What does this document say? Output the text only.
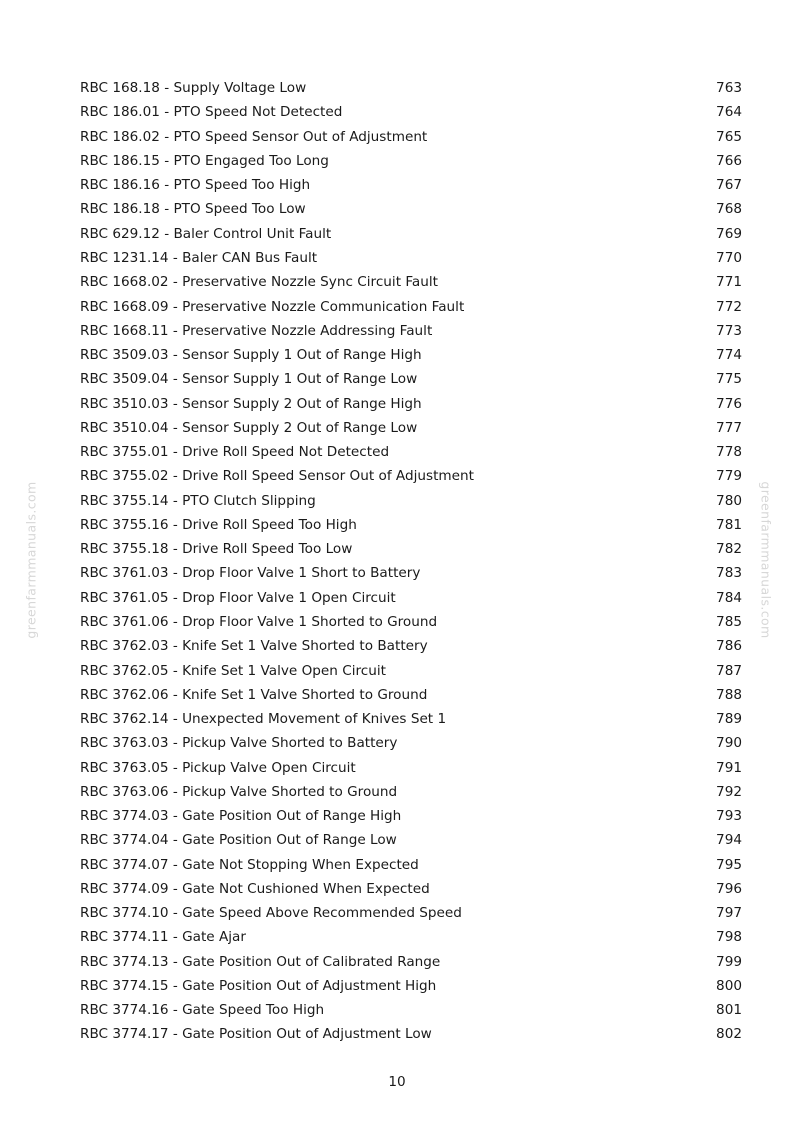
RBC 168.18 - Supply Voltage Low	763
RBC 186.01 - PTO Speed Not Detected	764
RBC 186.02 - PTO Speed Sensor Out of Adjustment	765
RBC 186.15 - PTO Engaged Too Long	766
RBC 186.16 - PTO Speed Too High	767
RBC 186.18 - PTO Speed Too Low	768
RBC 629.12 - Baler Control Unit Fault	769
RBC 1231.14 - Baler CAN Bus Fault	770
RBC 1668.02 - Preservative Nozzle Sync Circuit Fault	771
RBC 1668.09 - Preservative Nozzle Communication Fault	772
RBC 1668.11 - Preservative Nozzle Addressing Fault	773
RBC 3509.03 - Sensor Supply 1 Out of Range High	774
RBC 3509.04 - Sensor Supply 1 Out of Range Low	775
RBC 3510.03 - Sensor Supply 2 Out of Range High	776
RBC 3510.04 - Sensor Supply 2 Out of Range Low	777
RBC 3755.01 - Drive Roll Speed Not Detected	778
RBC 3755.02 - Drive Roll Speed Sensor Out of Adjustment	779
RBC 3755.14 - PTO Clutch Slipping	780
RBC 3755.16 - Drive Roll Speed Too High	781
RBC 3755.18 - Drive Roll Speed Too Low	782
RBC 3761.03 - Drop Floor Valve 1 Short to Battery	783
RBC 3761.05 - Drop Floor Valve 1 Open Circuit	784
RBC 3761.06 - Drop Floor Valve 1 Shorted to Ground	785
RBC 3762.03 - Knife Set 1 Valve Shorted to Battery	786
RBC 3762.05 - Knife Set 1 Valve Open Circuit	787
RBC 3762.06 - Knife Set 1 Valve Shorted to Ground	788
RBC 3762.14 - Unexpected Movement of Knives Set 1	789
RBC 3763.03 - Pickup Valve Shorted to Battery	790
RBC 3763.05 - Pickup Valve Open Circuit	791
RBC 3763.06 - Pickup Valve Shorted to Ground	792
RBC 3774.03 - Gate Position Out of Range High	793
RBC 3774.04 - Gate Position Out of Range Low	794
RBC 3774.07 - Gate Not Stopping When Expected	795
RBC 3774.09 - Gate Not Cushioned When Expected	796
RBC 3774.10 - Gate Speed Above Recommended Speed	797
RBC 3774.11 - Gate Ajar	798
RBC 3774.13 - Gate Position Out of Calibrated Range	799
RBC 3774.15 - Gate Position Out of Adjustment High	800
RBC 3774.16 - Gate Speed Too High	801
RBC 3774.17 - Gate Position Out of Adjustment Low	802
greenfarmmanuals.com	greenfarmmanuals.com
10
